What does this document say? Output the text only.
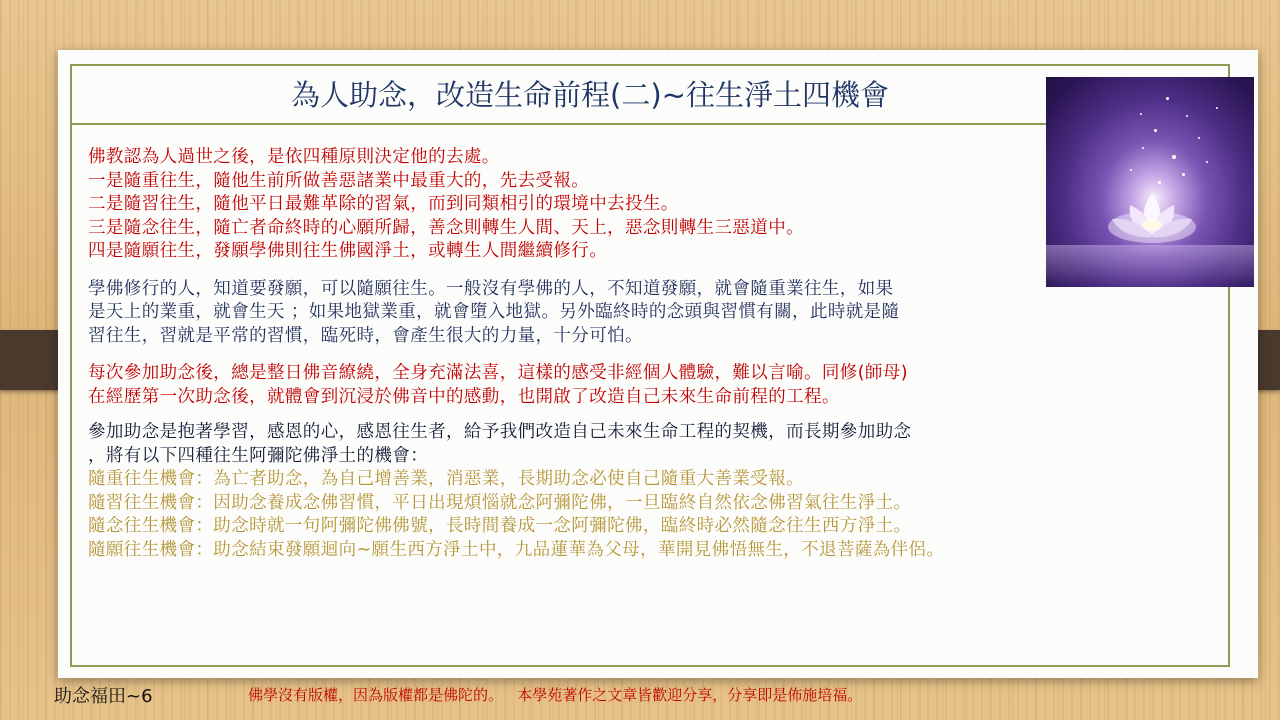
為人助念，改造生命前程(二)~往生淨土四機會
佛教認為人過世之後，是依四種原則決定他的去處。
一是隨重往生，隨他生前所做善惡諸業中最重大的，先去受報。
二是隨習往生，隨他平日最難革除的習氣，而到同類相引的環境中去投生。
三是隨念往生，隨亡者命終時的心願所歸，善念則轉生人間、天上，惡念則轉生三惡道中。
四是隨願往生，發願學佛則往生佛國淨土，或轉生人間繼續修行。
學佛修行的人，知道要發願，可以隨願往生。一般沒有學佛的人，不知道發願，就會隨重業往生，如果
是天上的業重，就會生天 ；如果地獄業重，就會墮入地獄。另外臨終時的念頭與習慣有關，此時就是隨
習往生，習就是平常的習慣，臨死時，會產生很大的力量，十分可怕。
每次參加助念後，總是整日佛音繚繞，全身充滿法喜，這樣的感受非經個人體驗，難以言喻。同修(師母)
在經歷第一次助念後，就體會到沉浸於佛音中的感動，也開啟了改造自己未來生命前程的工程。
參加助念是抱著學習，感恩的心，感恩往生者，給予我們改造自己未來生命工程的契機，而長期參加助念
，將有以下四種往生阿彌陀佛淨土的機會：
隨重往生機會：為亡者助念，為自己增善業，消惡業，長期助念必使自己隨重大善業受報。
隨習往生機會：因助念養成念佛習慣，平日出現煩惱就念阿彌陀佛，一旦臨終自然依念佛習氣往生淨土。
隨念往生機會：助念時就一句阿彌陀佛佛號，長時間養成一念阿彌陀佛，臨終時必然隨念往生西方淨土。
隨願往生機會：助念結束發願迴向~願生西方淨土中，九品蓮華為父母，華開見佛悟無生，不退菩薩為伴侶。
助念福田~6	佛學沒有版權，因為版權都是佛陀的。   本學苑著作之文章皆歡迎分享，分享即是佈施培福。
